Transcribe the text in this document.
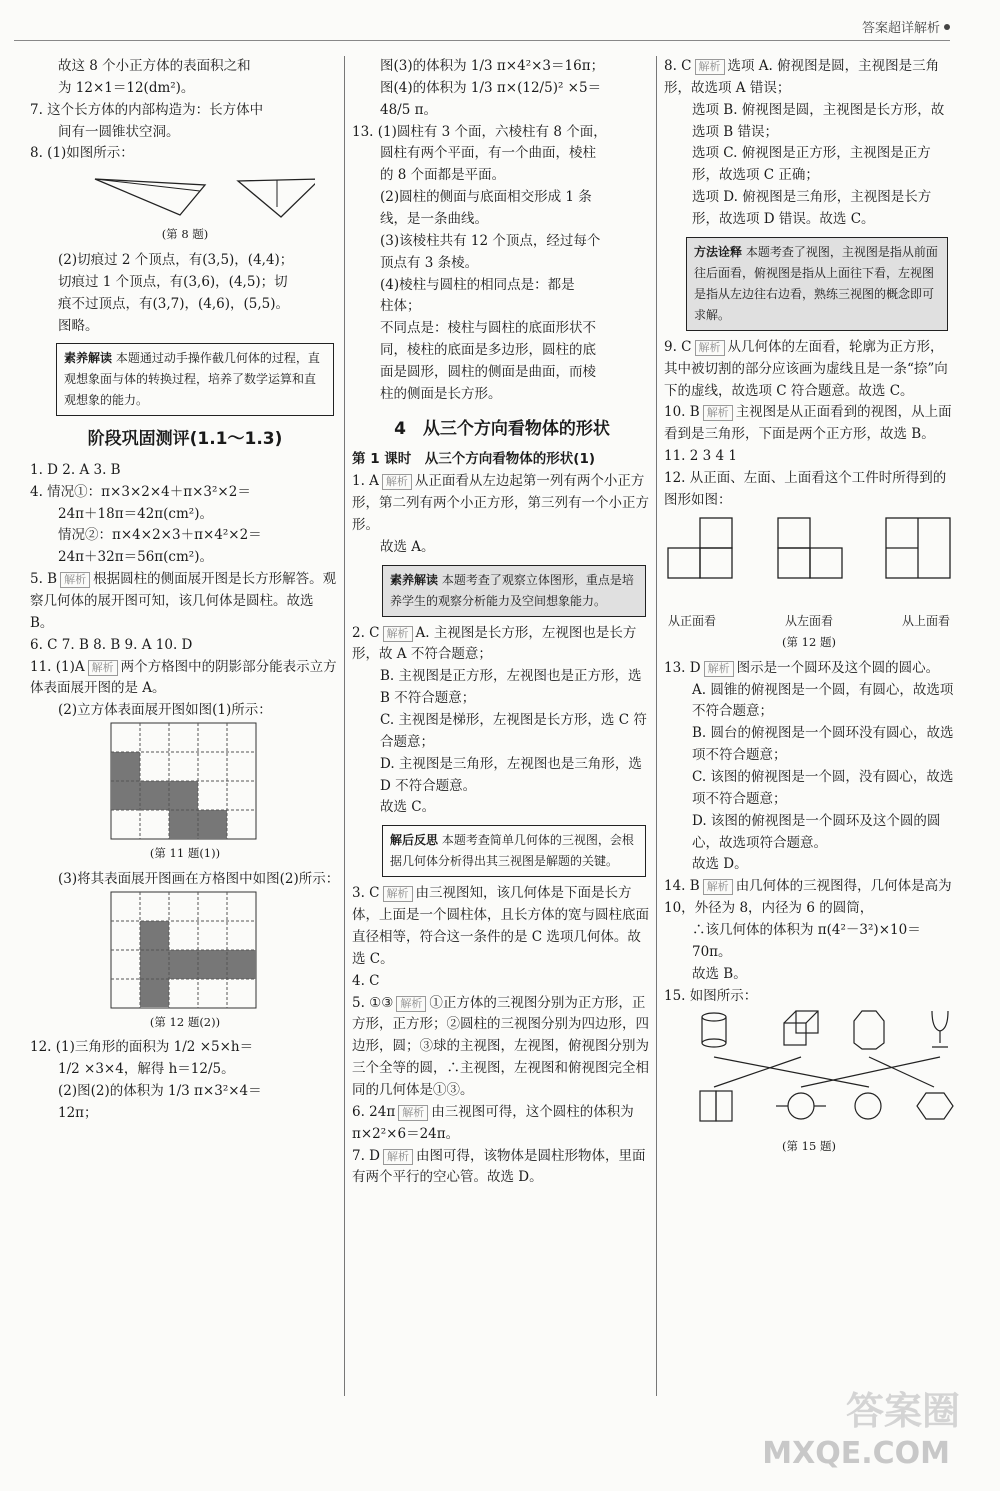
答案超详解析

故这 8 个小正方体的表面积之和

为 12×1＝12(dm²)。

7. 这个长方体的内部构造为：长方体中

间有一圆锥状空洞。

8. (1)如图所示：

(第 8 题)

(2)切痕过 2 个顶点，有(3,5)，(4,4)；

切痕过 1 个顶点，有(3,6)，(4,5)；切

痕不过顶点，有(3,7)，(4,6)，(5,5)。

图略。

素养解读 本题通过动手操作截几何体的过程，直观想象面与体的转换过程，培养了数学运算和直观想象的能力。
阶段巩固测评(1.1～1.3)

1. D 2. A 3. B

4. 情况①：π×3×2×4＋π×3²×2＝

24π＋18π＝42π(cm²)。

情况②：π×4×2×3＋π×4²×2＝

24π＋32π＝56π(cm²)。

5. B 解析 根据圆柱的侧面展开图是长方形解答。观察几何体的展开图可知，该几何体是圆柱。故选 B。

6. C 7. B 8. B 9. A 10. D

11. (1)A 解析 两个方格图中的阴影部分能表示立方体表面展开图的是 A。

(2)立方体表面展开图如图(1)所示：

(第 11 题(1))

(3)将其表面展开图画在方格图中如图(2)所示：

(第 12 题(2))

12. (1)三角形的面积为 1/2 ×5×h＝

1/2 ×3×4，解得 h＝12/5。

(2)图(2)的体积为 1/3 π×3²×4＝

12π；

图(3)的体积为 1/3 π×4²×3＝16π；

图(4)的体积为 1/3 π×(12/5)² ×5＝

48/5 π。

13. (1)圆柱有 3 个面，六棱柱有 8 个面，

圆柱有两个平面，有一个曲面，棱柱

的 8 个面都是平面。

(2)圆柱的侧面与底面相交形成 1 条

线，是一条曲线。

(3)该棱柱共有 12 个顶点，经过每个

顶点有 3 条棱。

(4)棱柱与圆柱的相同点是：都是

柱体；

不同点是：棱柱与圆柱的底面形状不

同，棱柱的底面是多边形，圆柱的底

面是圆形，圆柱的侧面是曲面，而棱

柱的侧面是长方形。

4　从三个方向看物体的形状

第 1 课时　从三个方向看物体的形状(1)

1. A 解析 从正面看从左边起第一列有两个小正方形，第二列有两个小正方形，第三列有一个小正方形。

故选 A。

素养解读 本题考查了观察立体图形，重点是培养学生的观察分析能力及空间想象能力。

2. C 解析 A. 主视图是长方形，左视图也是长方形，故 A 不符合题意；

B. 主视图是正方形，左视图也是正方形，选 B 不符合题意；

C. 主视图是梯形，左视图是长方形，选 C 符合题意；

D. 主视图是三角形，左视图也是三角形，选 D 不符合题意。

故选 C。

解后反思 本题考查简单几何体的三视图，会根据几何体分析得出其三视图是解题的关键。

3. C 解析 由三视图知，该几何体是下面是长方体，上面是一个圆柱体，且长方体的宽与圆柱底面直径相等，符合这一条件的是 C 选项几何体。故选 C。

4. C

5. ①③ 解析 ①正方体的三视图分别为正方形，正方形，正方形；②圆柱的三视图分别为四边形，四边形，圆；③球的主视图，左视图，俯视图分别为三个全等的圆，∴主视图，左视图和俯视图完全相同的几何体是①③。

6. 24π 解析 由三视图可得，这个圆柱的体积为 π×2²×6＝24π。

7. D 解析 由图可得，该物体是圆柱形物体，里面有两个平行的空心管。故选 D。

8. C 解析 选项 A. 俯视图是圆，主视图是三角形，故选项 A 错误；

选项 B. 俯视图是圆，主视图是长方形，故选项 B 错误；

选项 C. 俯视图是正方形，主视图是正方形，故选项 C 正确；

选项 D. 俯视图是三角形，主视图是长方形，故选项 D 错误。故选 C。

方法诠释 本题考查了视图，主视图是指从前面往后面看，俯视图是指从上面往下看，左视图是指从左边往右边看，熟练三视图的概念即可求解。

9. C 解析 从几何体的左面看，轮廓为正方形，其中被切割的部分应该画为虚线且是一条“捺”向下的虚线，故选项 C 符合题意。故选 C。

10. B 解析 主视图是从正面看到的视图，从上面看到是三角形，下面是两个正方形，故选 B。

11. 2 3 4 1

12. 从正面、左面、上面看这个工件时所得到的图形如图：

从正面看	从左面看	从上面看
(第 12 题)

13. D 解析 图示是一个圆环及这个圆的圆心。

A. 圆锥的俯视图是一个圆，有圆心，故选项不符合题意；

B. 圆台的俯视图是一个圆环没有圆心，故选项不符合题意；

C. 该图的俯视图是一个圆，没有圆心，故选项不符合题意；

D. 该图的俯视图是一个圆环及这个圆的圆心，故选项符合题意。

故选 D。

14. B 解析 由几何体的三视图得，几何体是高为 10，外径为 8，内径为 6 的圆筒，

∴该几何体的体积为 π(4²－3²)×10＝70π。

故选 B。

15. 如图所示：

(第 15 题)
答案圈
MXQE.COM
